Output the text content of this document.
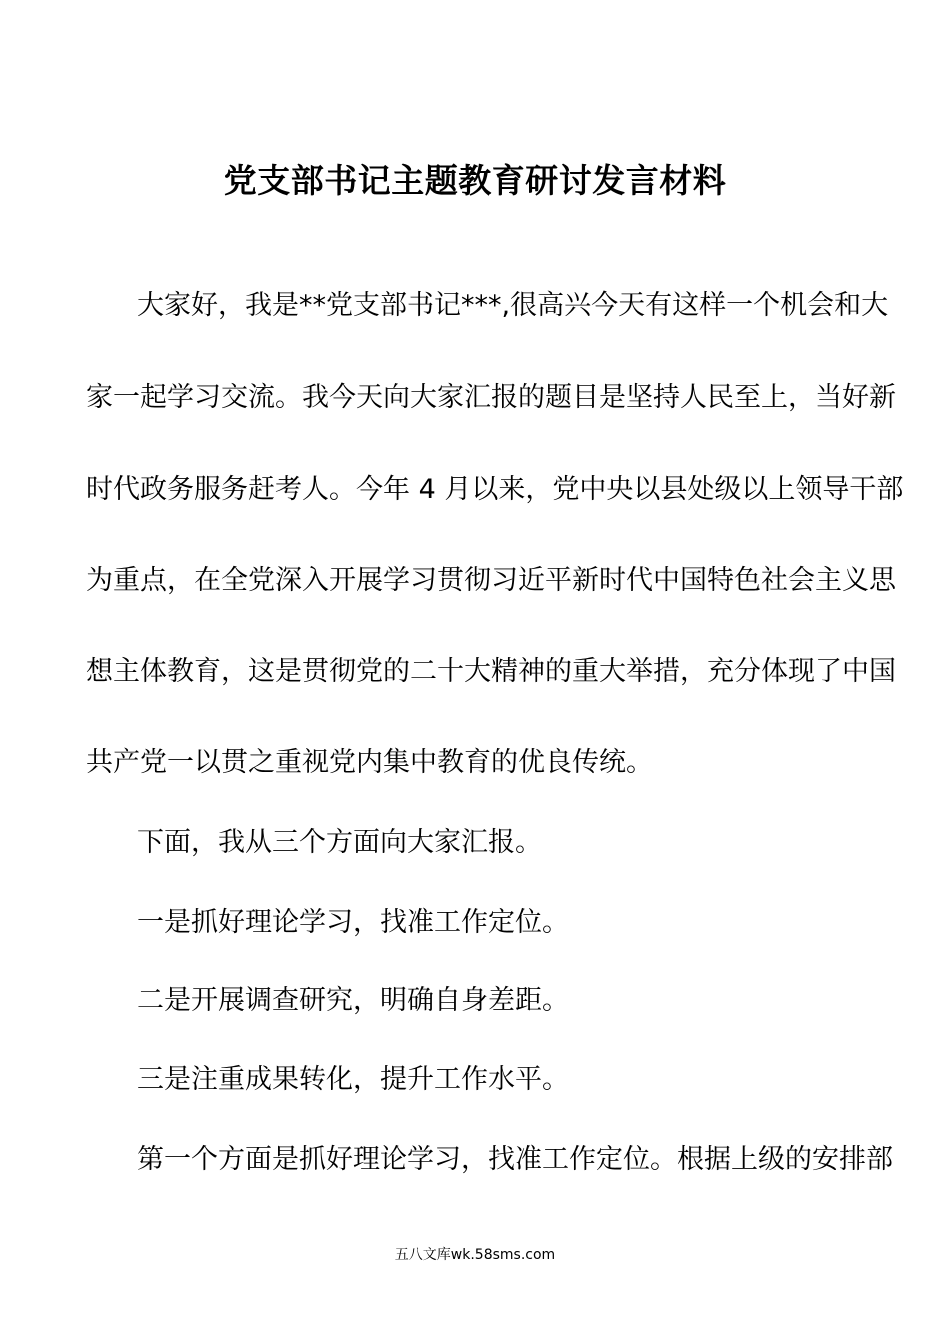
党支部书记主题教育研讨发言材料
大家好，我是**党支部书记***,很高兴今天有这样一个机会和大
家一起学习交流。我今天向大家汇报的题目是坚持人民至上，当好新
时代政务服务赶考人。今年 4 月以来，党中央以县处级以上领导干部
为重点，在全党深入开展学习贯彻习近平新时代中国特色社会主义思
想主体教育，这是贯彻党的二十大精神的重大举措，充分体现了中国
共产党一以贯之重视党内集中教育的优良传统。
下面，我从三个方面向大家汇报。
一是抓好理论学习，找准工作定位。
二是开展调查研究，明确自身差距。
三是注重成果转化，提升工作水平。
第一个方面是抓好理论学习，找准工作定位。根据上级的安排部
五八文库wk.58sms.com
